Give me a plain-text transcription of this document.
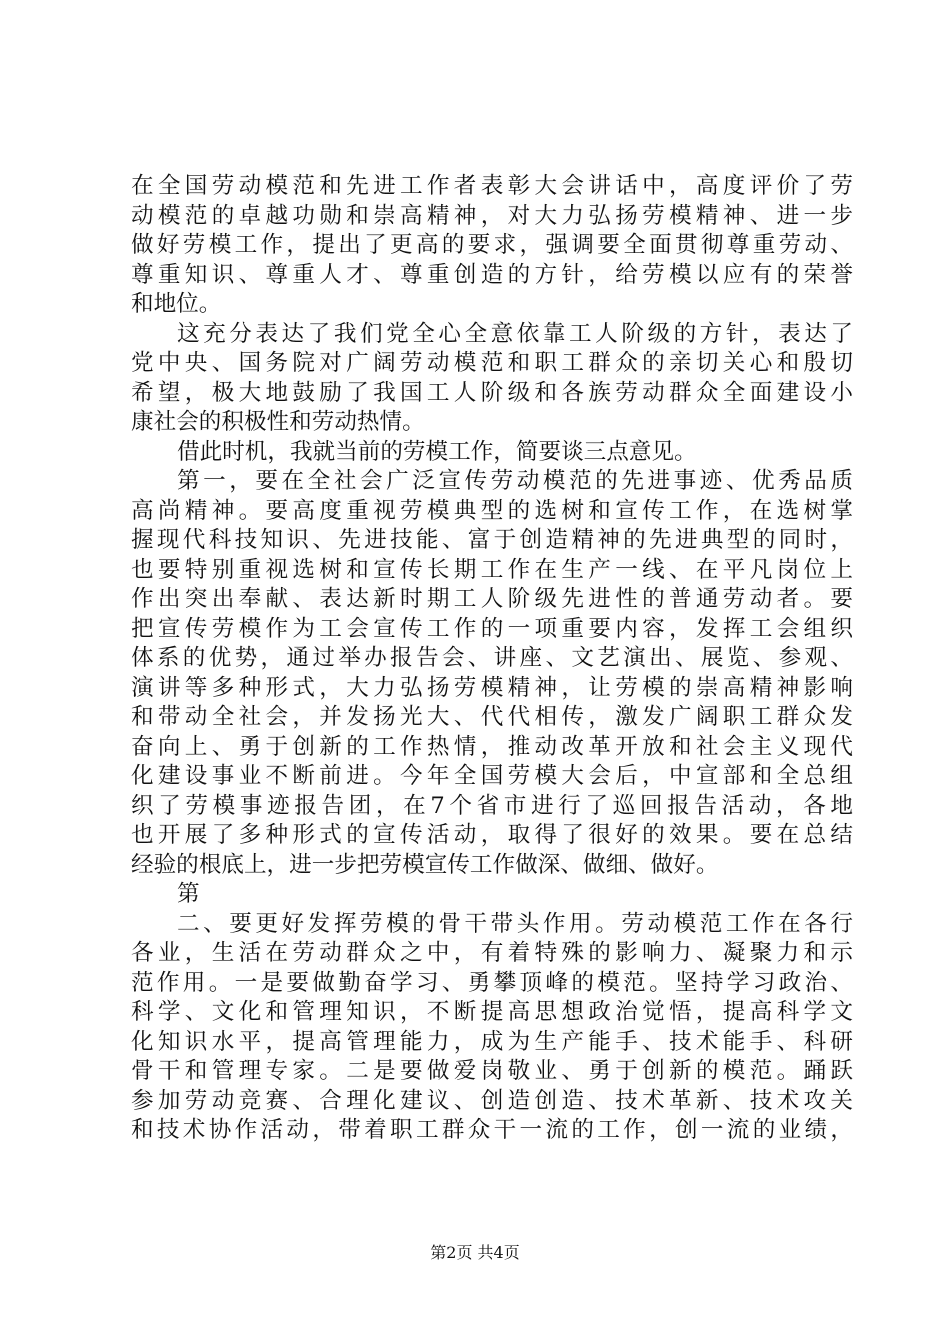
在全国劳动模范和先进工作者表彰大会讲话中，高度评价了劳
动模范的卓越功勋和崇高精神，对大力弘扬劳模精神、进一步
做好劳模工作，提出了更高的要求，强调要全面贯彻尊重劳动、
尊重知识、尊重人才、尊重创造的方针，给劳模以应有的荣誉
和地位。
这充分表达了我们党全心全意依靠工人阶级的方针，表达了
党中央、国务院对广阔劳动模范和职工群众的亲切关心和殷切
希望，极大地鼓励了我国工人阶级和各族劳动群众全面建设小
康社会的积极性和劳动热情。
借此时机，我就当前的劳模工作，简要谈三点意见。
第一，要在全社会广泛宣传劳动模范的先进事迹、优秀品质
高尚精神。要高度重视劳模典型的选树和宣传工作，在选树掌
握现代科技知识、先进技能、富于创造精神的先进典型的同时，
也要特别重视选树和宣传长期工作在生产一线、在平凡岗位上
作出突出奉献、表达新时期工人阶级先进性的普通劳动者。要
把宣传劳模作为工会宣传工作的一项重要内容，发挥工会组织
体系的优势，通过举办报告会、讲座、文艺演出、展览、参观、
演讲等多种形式，大力弘扬劳模精神，让劳模的崇高精神影响
和带动全社会，并发扬光大、代代相传，激发广阔职工群众发
奋向上、勇于创新的工作热情，推动改革开放和社会主义现代
化建设事业不断前进。今年全国劳模大会后，中宣部和全总组
织了劳模事迹报告团，在7个省市进行了巡回报告活动，各地
也开展了多种形式的宣传活动，取得了很好的效果。要在总结
经验的根底上，进一步把劳模宣传工作做深、做细、做好。
第
二、要更好发挥劳模的骨干带头作用。劳动模范工作在各行
各业，生活在劳动群众之中，有着特殊的影响力、凝聚力和示
范作用。一是要做勤奋学习、勇攀顶峰的模范。坚持学习政治、
科学、文化和管理知识，不断提高思想政治觉悟，提高科学文
化知识水平，提高管理能力，成为生产能手、技术能手、科研
骨干和管理专家。二是要做爱岗敬业、勇于创新的模范。踊跃
参加劳动竞赛、合理化建议、创造创造、技术革新、技术攻关
和技术协作活动，带着职工群众干一流的工作，创一流的业绩，
第2页 共4页
